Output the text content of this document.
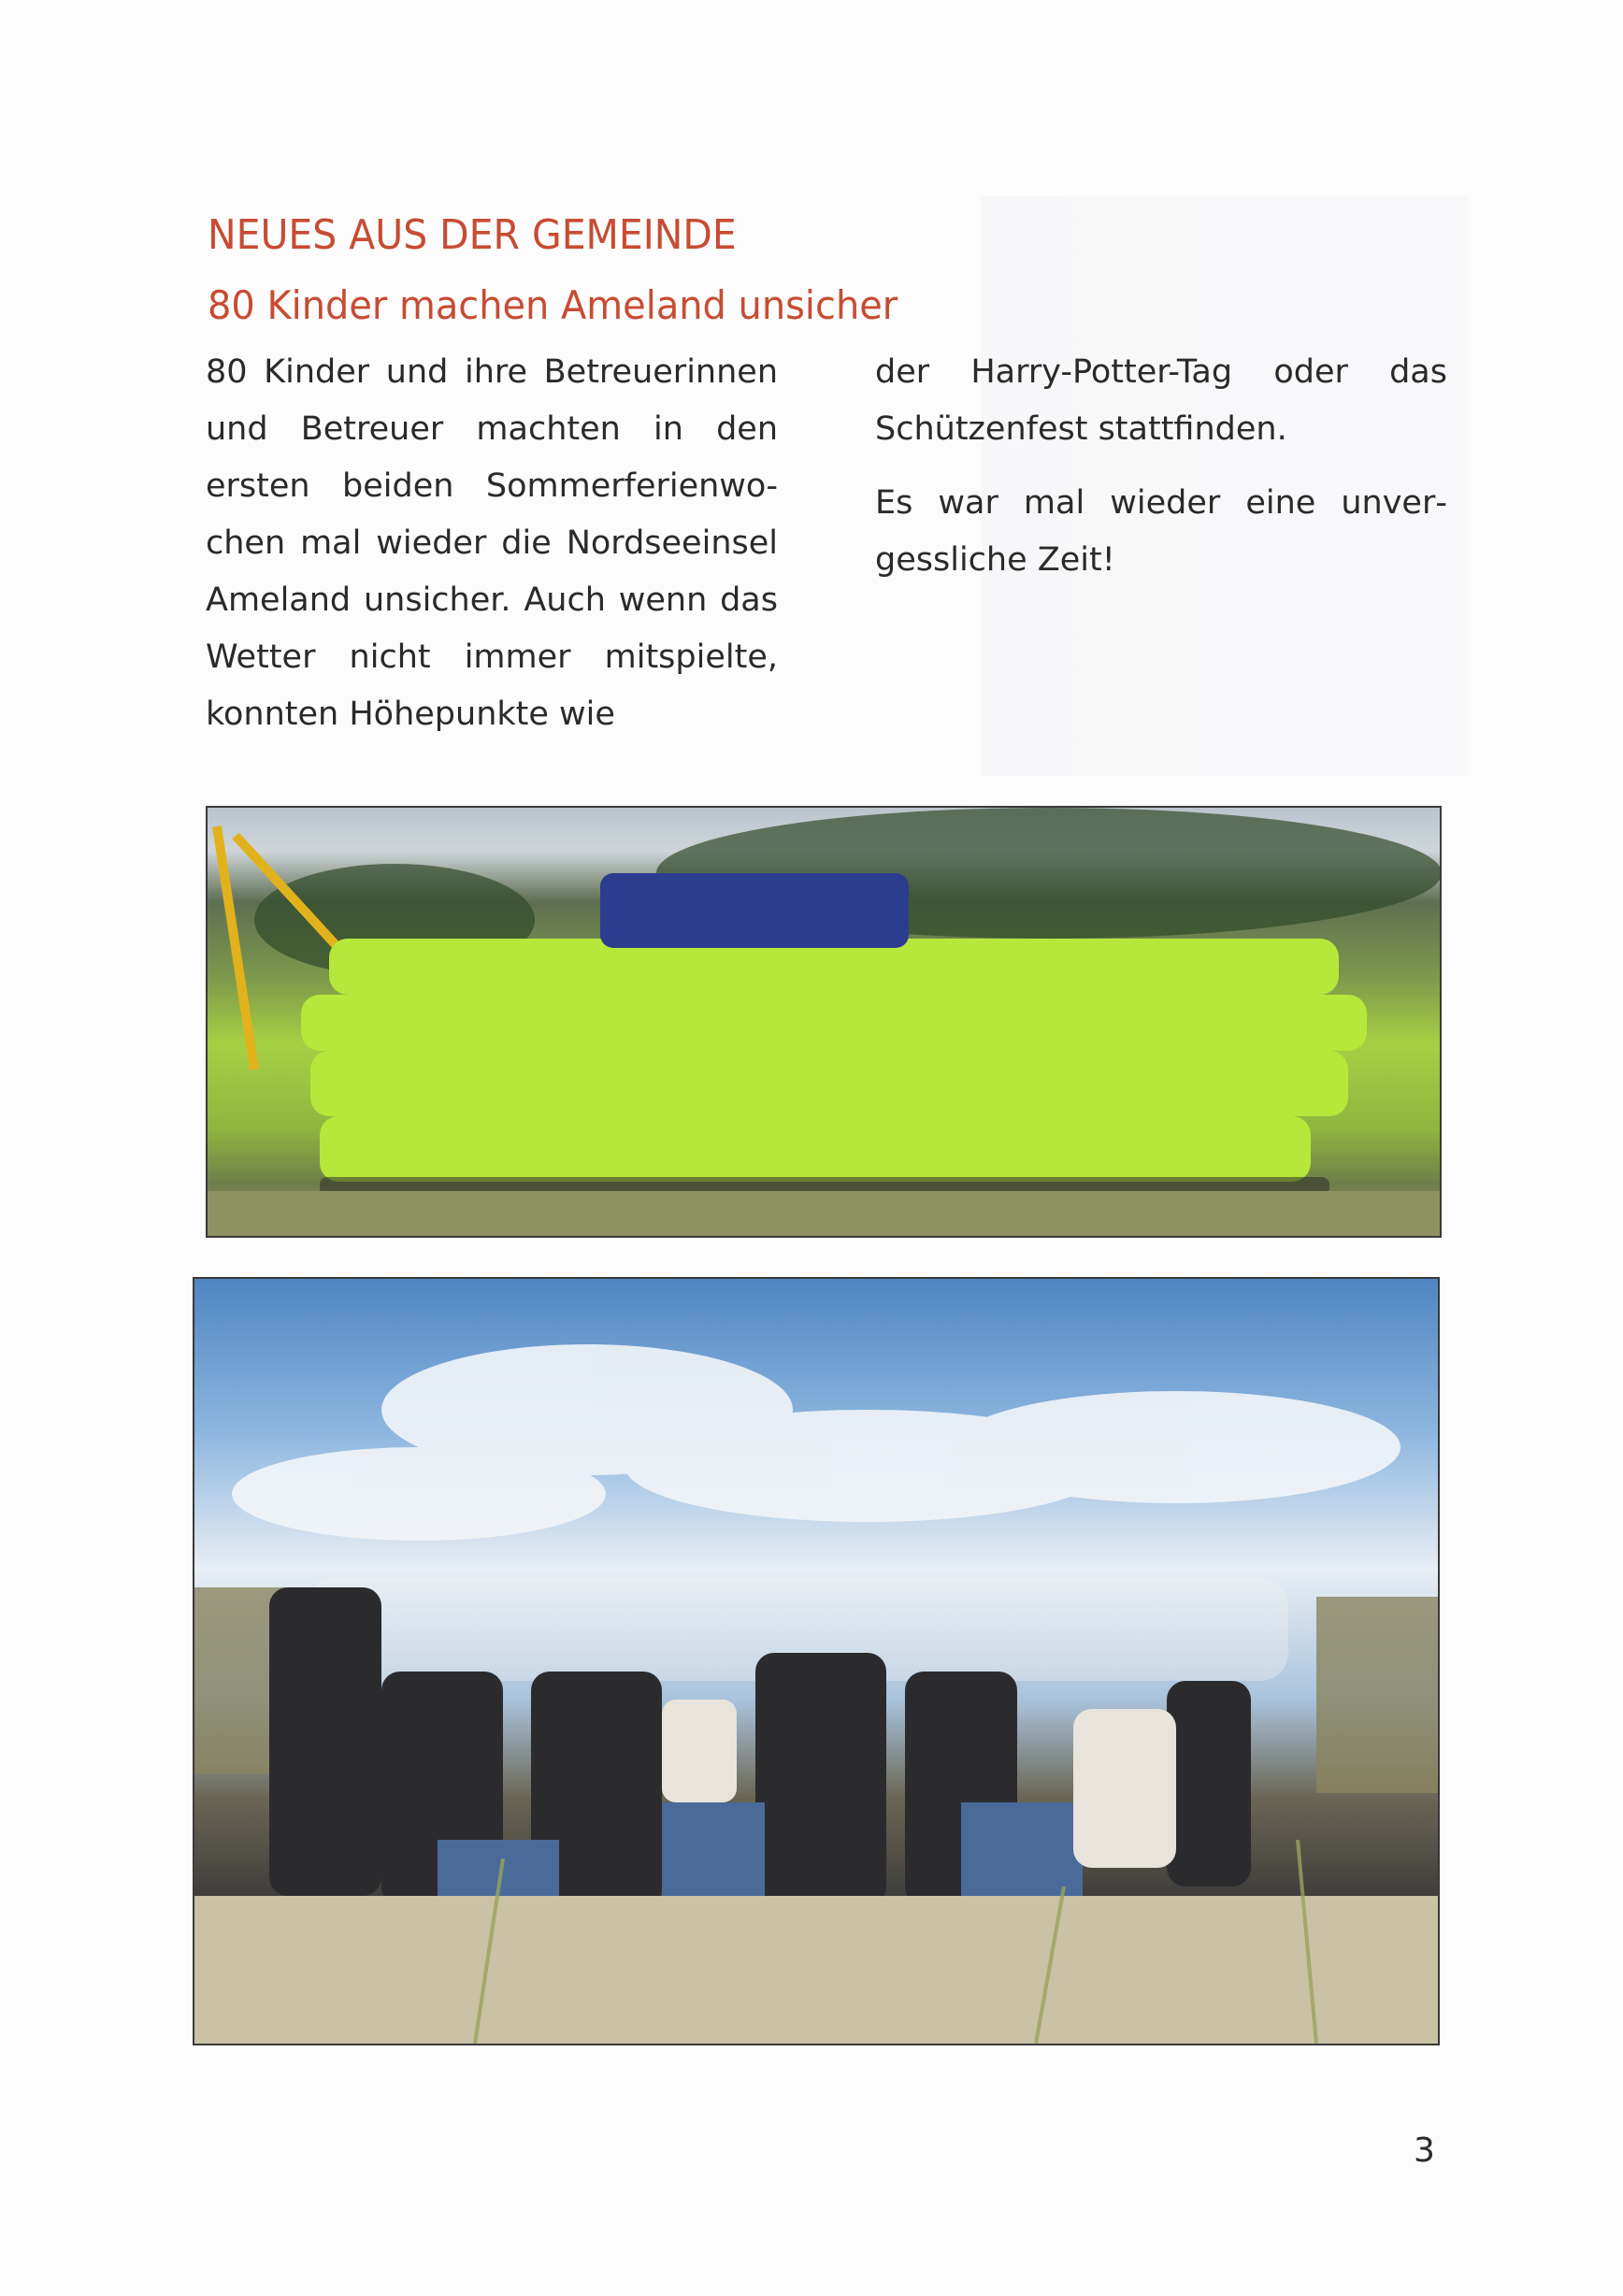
NEUES AUS DER GEMEINDE
80 Kinder machen Ameland unsicher

80 Kinder und ihre Betreuerinnen und Betreuer machten in den ersten beiden Sommerferienwochen mal wieder die Nordseeinsel Ameland unsicher. Auch wenn das Wetter nicht immer mitspielte, konnten Höhepunkte wie

der Harry-Potter-Tag oder das Schützenfest stattfinden.

Es war mal wieder eine unvergessliche Zeit!

3
